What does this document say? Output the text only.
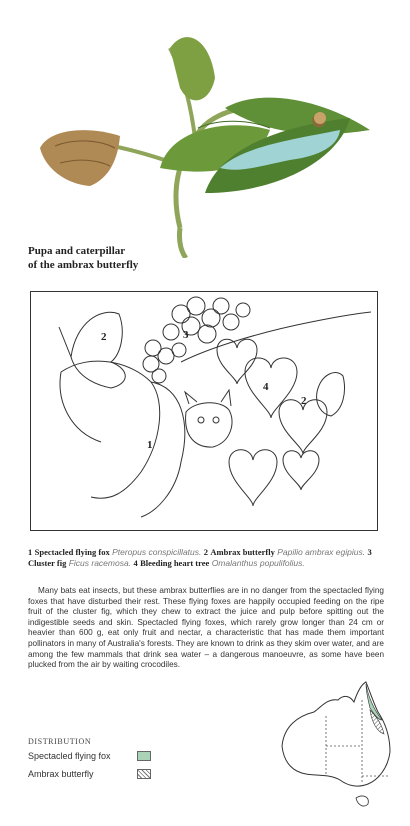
Pupa and caterpillar
of the ambrax butterfly
2	3
4
2
1
1 Spectacled flying fox Pteropus conspicillatus. 2 Ambrax butterfly Papilio ambrax egipius. 3 Cluster fig Ficus racemosa. 4 Bleeding heart tree Omalanthus populifolius.

Many bats eat insects, but these ambrax butterflies are in no danger from the spectacled flying foxes that have disturbed their rest. These flying foxes are happily occupied feeding on the ripe fruit of the cluster fig, which they chew to extract the juice and pulp before spitting out the indigestible seeds and skin. Spectacled flying foxes, which rarely grow longer than 24 cm or heavier than 600 g, eat only fruit and nectar, a characteristic that has made them important pollinators in many of Australia's forests. They are known to drink as they skim over water, and are among the few mammals that drink sea water – a dangerous manoeuvre, as some have been plucked from the air by waiting crocodiles.

DISTRIBUTION
Spectacled flying fox
Ambrax butterfly
